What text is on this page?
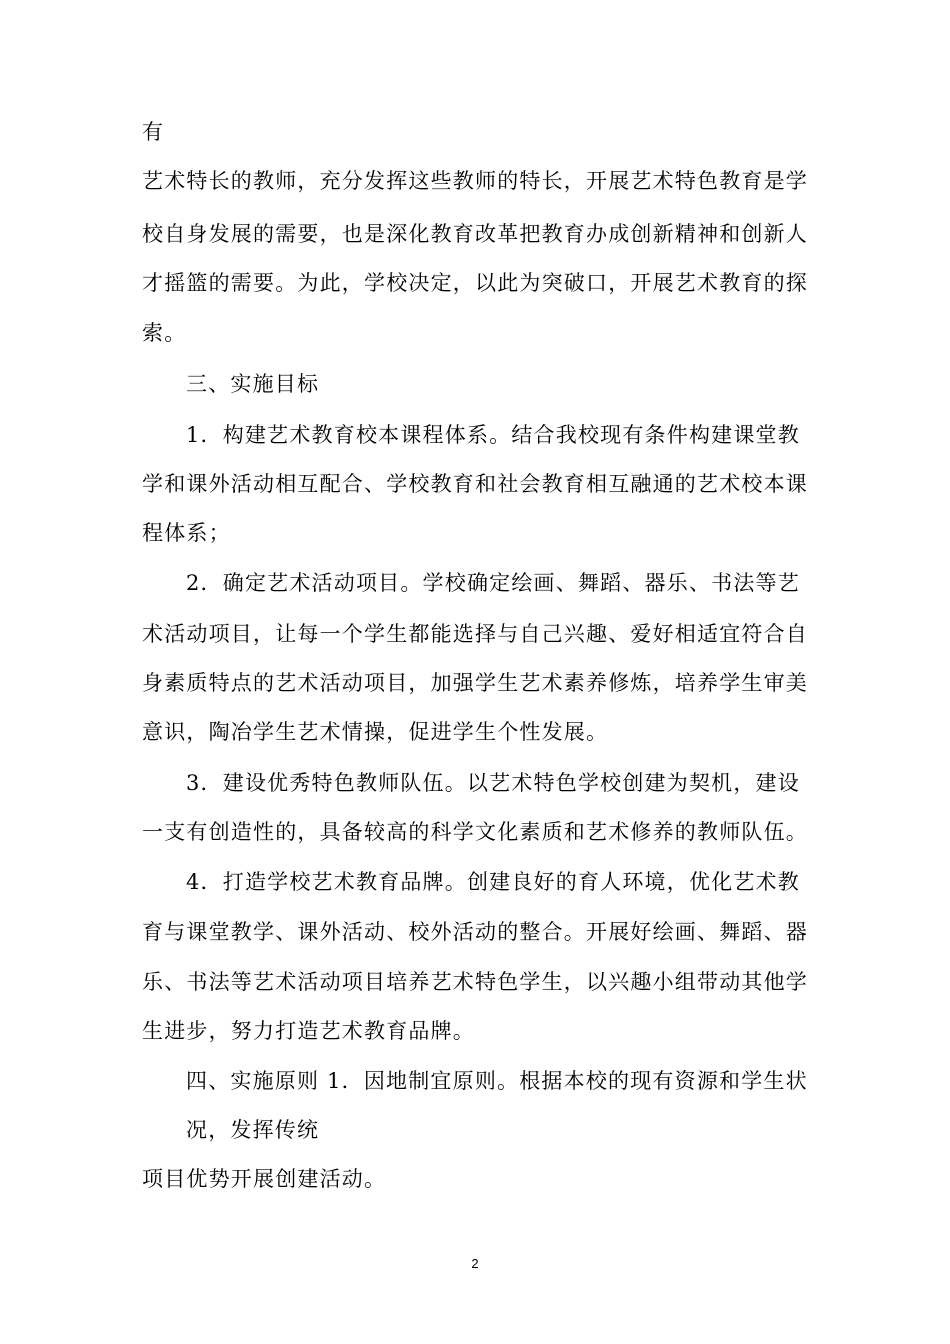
有
艺术特长的教师，充分发挥这些教师的特长，开展艺术特色教育是学
校自身发展的需要，也是深化教育改革把教育办成创新精神和创新人
才摇篮的需要。为此，学校决定，以此为突破口，开展艺术教育的探
索。
三、实施目标
1．构建艺术教育校本课程体系。结合我校现有条件构建课堂教
学和课外活动相互配合、学校教育和社会教育相互融通的艺术校本课
程体系；
2．确定艺术活动项目。学校确定绘画、舞蹈、器乐、书法等艺
术活动项目，让每一个学生都能选择与自己兴趣、爱好相适宜符合自
身素质特点的艺术活动项目，加强学生艺术素养修炼，培养学生审美
意识，陶冶学生艺术情操，促进学生个性发展。
3．建设优秀特色教师队伍。以艺术特色学校创建为契机，建设
一支有创造性的，具备较高的科学文化素质和艺术修养的教师队伍。
4．打造学校艺术教育品牌。创建良好的育人环境，优化艺术教
育与课堂教学、课外活动、校外活动的整合。开展好绘画、舞蹈、器
乐、书法等艺术活动项目培养艺术特色学生，以兴趣小组带动其他学
生进步，努力打造艺术教育品牌。
四、实施原则 1．因地制宜原则。根据本校的现有资源和学生状
况，发挥传统
项目优势开展创建活动。
2
